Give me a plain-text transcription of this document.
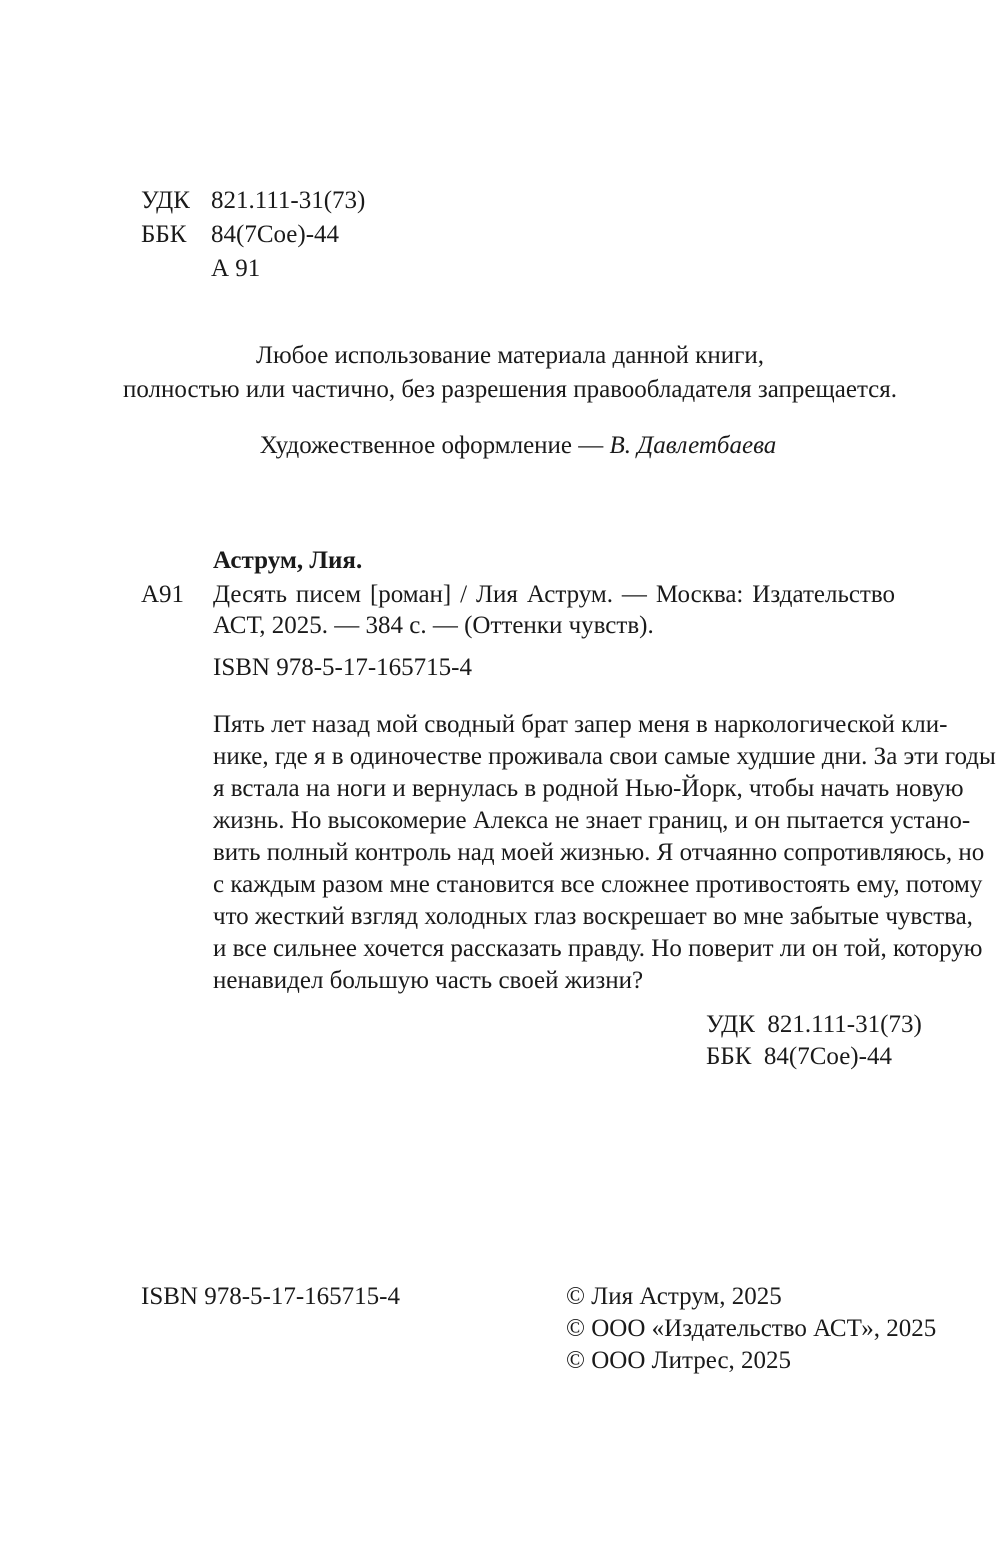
УДК 821.111-31(73)
ББК 84(7Сое)-44
А 91
Любое использование материала данной книги,
полностью или частично, без разрешения правообладателя запрещается.
Художественное оформление — В. Давлетбаева
Аструм, Лия.
А91 Десять писем [роман] / Лия Аструм. — Москва: Издательство
АСТ, 2025. — 384 с. — (Оттенки чувств).
ISBN 978-5-17-165715-4
Пять лет назад мой сводный брат запер меня в наркологической кли-
нике, где я в одиночестве проживала свои самые худшие дни. За эти годы
я встала на ноги и вернулась в родной Нью-Йорк, чтобы начать новую
жизнь. Но высокомерие Алекса не знает границ, и он пытается устано-
вить полный контроль над моей жизнью. Я отчаянно сопротивляюсь, но
с каждым разом мне становится все сложнее противостоять ему, потому
что жесткий взгляд холодных глаз воскрешает во мне забытые чувства,
и все сильнее хочется рассказать правду. Но поверит ли он той, которую
ненавидел большую часть своей жизни?
УДК  821.111-31(73)
ББК  84(7Сое)-44
ISBN 978-5-17-165715-4	© Лия Аструм, 2025
© ООО «Издательство АСТ», 2025
© ООО Литрес, 2025
